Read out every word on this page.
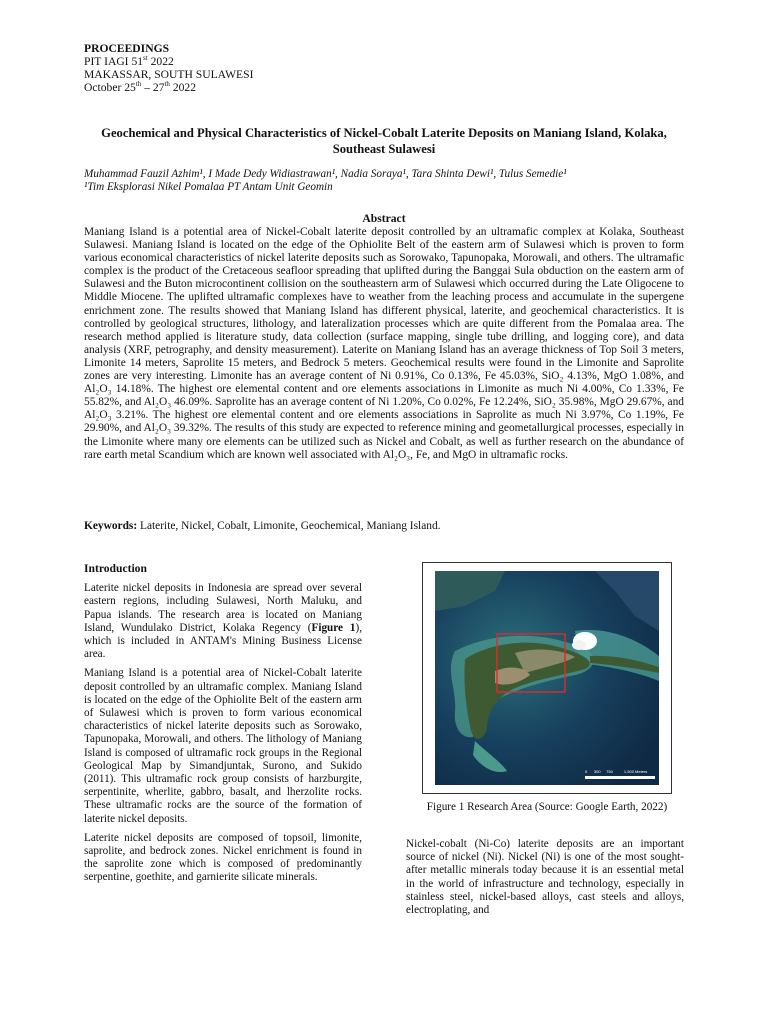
PROCEEDINGS
PIT IAGI 51st 2022
MAKASSAR, SOUTH SULAWESI
October 25th – 27th 2022
Geochemical and Physical Characteristics of Nickel-Cobalt Laterite Deposits on Maniang Island, Kolaka, Southeast Sulawesi
Muhammad Fauzil Azhim¹, I Made Dedy Widiastrawan¹, Nadia Soraya¹, Tara Shinta Dewi¹, Tulus Semedie¹
¹Tim Eksplorasi Nikel Pomalaa PT Antam Unit Geomin
Abstract
Maniang Island is a potential area of Nickel-Cobalt laterite deposit controlled by an ultramafic complex at Kolaka, Southeast Sulawesi. Maniang Island is located on the edge of the Ophiolite Belt of the eastern arm of Sulawesi which is proven to form various economical characteristics of nickel laterite deposits such as Sorowako, Tapunopaka, Morowali, and others. The ultramafic complex is the product of the Cretaceous seafloor spreading that uplifted during the Banggai Sula obduction on the eastern arm of Sulawesi and the Buton microcontinent collision on the southeastern arm of Sulawesi which occurred during the Late Oligocene to Middle Miocene. The uplifted ultramafic complexes have to weather from the leaching process and accumulate in the supergene enrichment zone. The results showed that Maniang Island has different physical, laterite, and geochemical characteristics. It is controlled by geological structures, lithology, and lateralization processes which are quite different from the Pomalaa area. The research method applied is literature study, data collection (surface mapping, single tube drilling, and logging core), and data analysis (XRF, petrography, and density measurement). Laterite on Maniang Island has an average thickness of Top Soil 3 meters, Limonite 14 meters, Saprolite 15 meters, and Bedrock 5 meters. Geochemical results were found in the Limonite and Saprolite zones are very interesting. Limonite has an average content of Ni 0.91%, Co 0.13%, Fe 45.03%, SiO₂ 4.13%, MgO 1.08%, and Al₂O₃ 14.18%. The highest ore elemental content and ore elements associations in Limonite as much Ni 4.00%, Co 1.33%, Fe 55.82%, and Al₂O₃ 46.09%. Saprolite has an average content of Ni 1.20%, Co 0.02%, Fe 12.24%, SiO₂ 35.98%, MgO 29.67%, and Al₂O₃ 3.21%. The highest ore elemental content and ore elements associations in Saprolite as much Ni 3.97%, Co 1.19%, Fe 29.90%, and Al₂O₃ 39.32%. The results of this study are expected to reference mining and geometallurgical processes, especially in the Limonite where many ore elements can be utilized such as Nickel and Cobalt, as well as further research on the abundance of rare earth metal Scandium which are known well associated with Al₂O₃, Fe, and MgO in ultramafic rocks.
Keywords: Laterite, Nickel, Cobalt, Limonite, Geochemical, Maniang Island.
Introduction

Laterite nickel deposits in Indonesia are spread over several eastern regions, including Sulawesi, North Maluku, and Papua islands. The research area is located on Maniang Island, Wundulako District, Kolaka Regency (Figure 1), which is included in ANTAM's Mining Business License area.

Maniang Island is a potential area of Nickel-Cobalt laterite deposit controlled by an ultramafic complex. Maniang Island is located on the edge of the Ophiolite Belt of the eastern arm of Sulawesi which is proven to form various economical characteristics of nickel laterite deposits such as Sorowako, Tapunopaka, Morowali, and others. The lithology of Maniang Island is composed of ultramafic rock groups in the Regional Geological Map by Simandjuntak, Surono, and Sukido (2011). This ultramafic rock group consists of harzburgite, serpentinite, wherlite, gabbro, basalt, and lherzolite rocks. These ultramafic rocks are the source of the formation of laterite nickel deposits.

Laterite nickel deposits are composed of topsoil, limonite, saprolite, and bedrock zones. Nickel enrichment is found in the saprolite zone which is composed of predominantly serpentine, goethite, and garnierite silicate minerals.

0      300     750          1,500 Meters
Figure 1 Research Area (Source: Google Earth, 2022)

Nickel-cobalt (Ni-Co) laterite deposits are an important source of nickel (Ni). Nickel (Ni) is one of the most sought-after metallic minerals today because it is an essential metal in the world of infrastructure and technology, especially in stainless steel, nickel-based alloys, cast steels and alloys, electroplating, and
